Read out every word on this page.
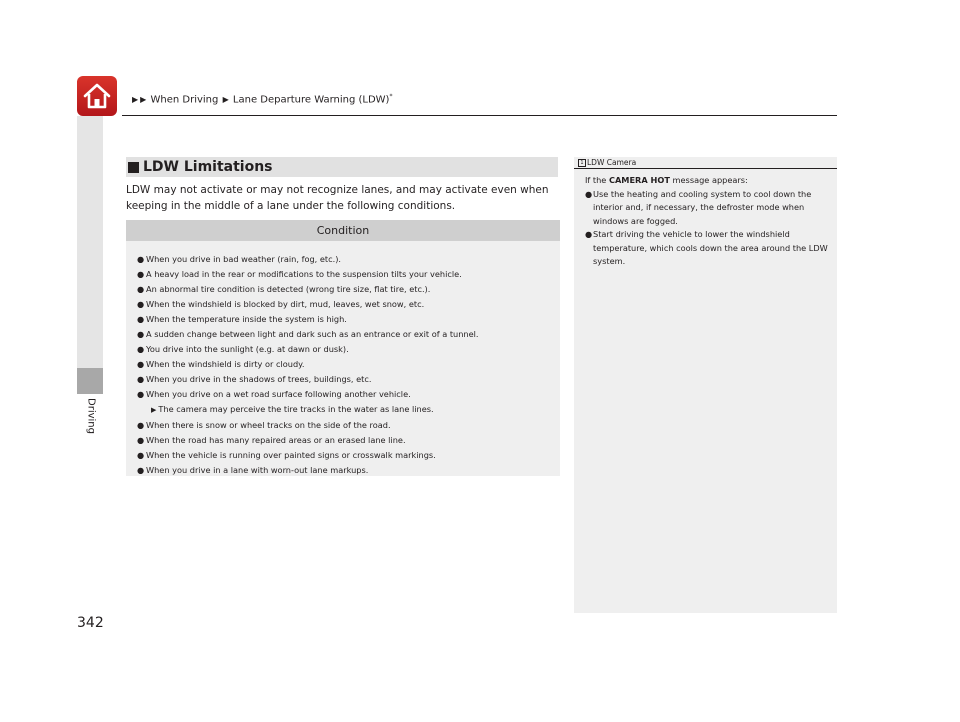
▶ ▶ When Driving ▶ Lane Departure Warning (LDW)*
Driving
342
LDW Limitations
LDW may not activate or may not recognize lanes, and may activate even when keeping in the middle of a lane under the following conditions.
Condition
● When you drive in bad weather (rain, fog, etc.).
● A heavy load in the rear or modifications to the suspension tilts your vehicle.
● An abnormal tire condition is detected (wrong tire size, flat tire, etc.).
● When the windshield is blocked by dirt, mud, leaves, wet snow, etc.
● When the temperature inside the system is high.
● A sudden change between light and dark such as an entrance or exit of a tunnel.
● You drive into the sunlight (e.g. at dawn or dusk).
● When the windshield is dirty or cloudy.
● When you drive in the shadows of trees, buildings, etc.
● When you drive on a wet road surface following another vehicle.
▶ The camera may perceive the tire tracks in the water as lane lines.
● When there is snow or wheel tracks on the side of the road.
● When the road has many repaired areas or an erased lane line.
● When the vehicle is running over painted signs or crosswalk markings.
● When you drive in a lane with worn-out lane markups.
1 LDW Camera
If the CAMERA HOT message appears:
● Use the heating and cooling system to cool down the interior and, if necessary, the defroster mode when windows are fogged.
● Start driving the vehicle to lower the windshield temperature, which cools down the area around the LDW system.
